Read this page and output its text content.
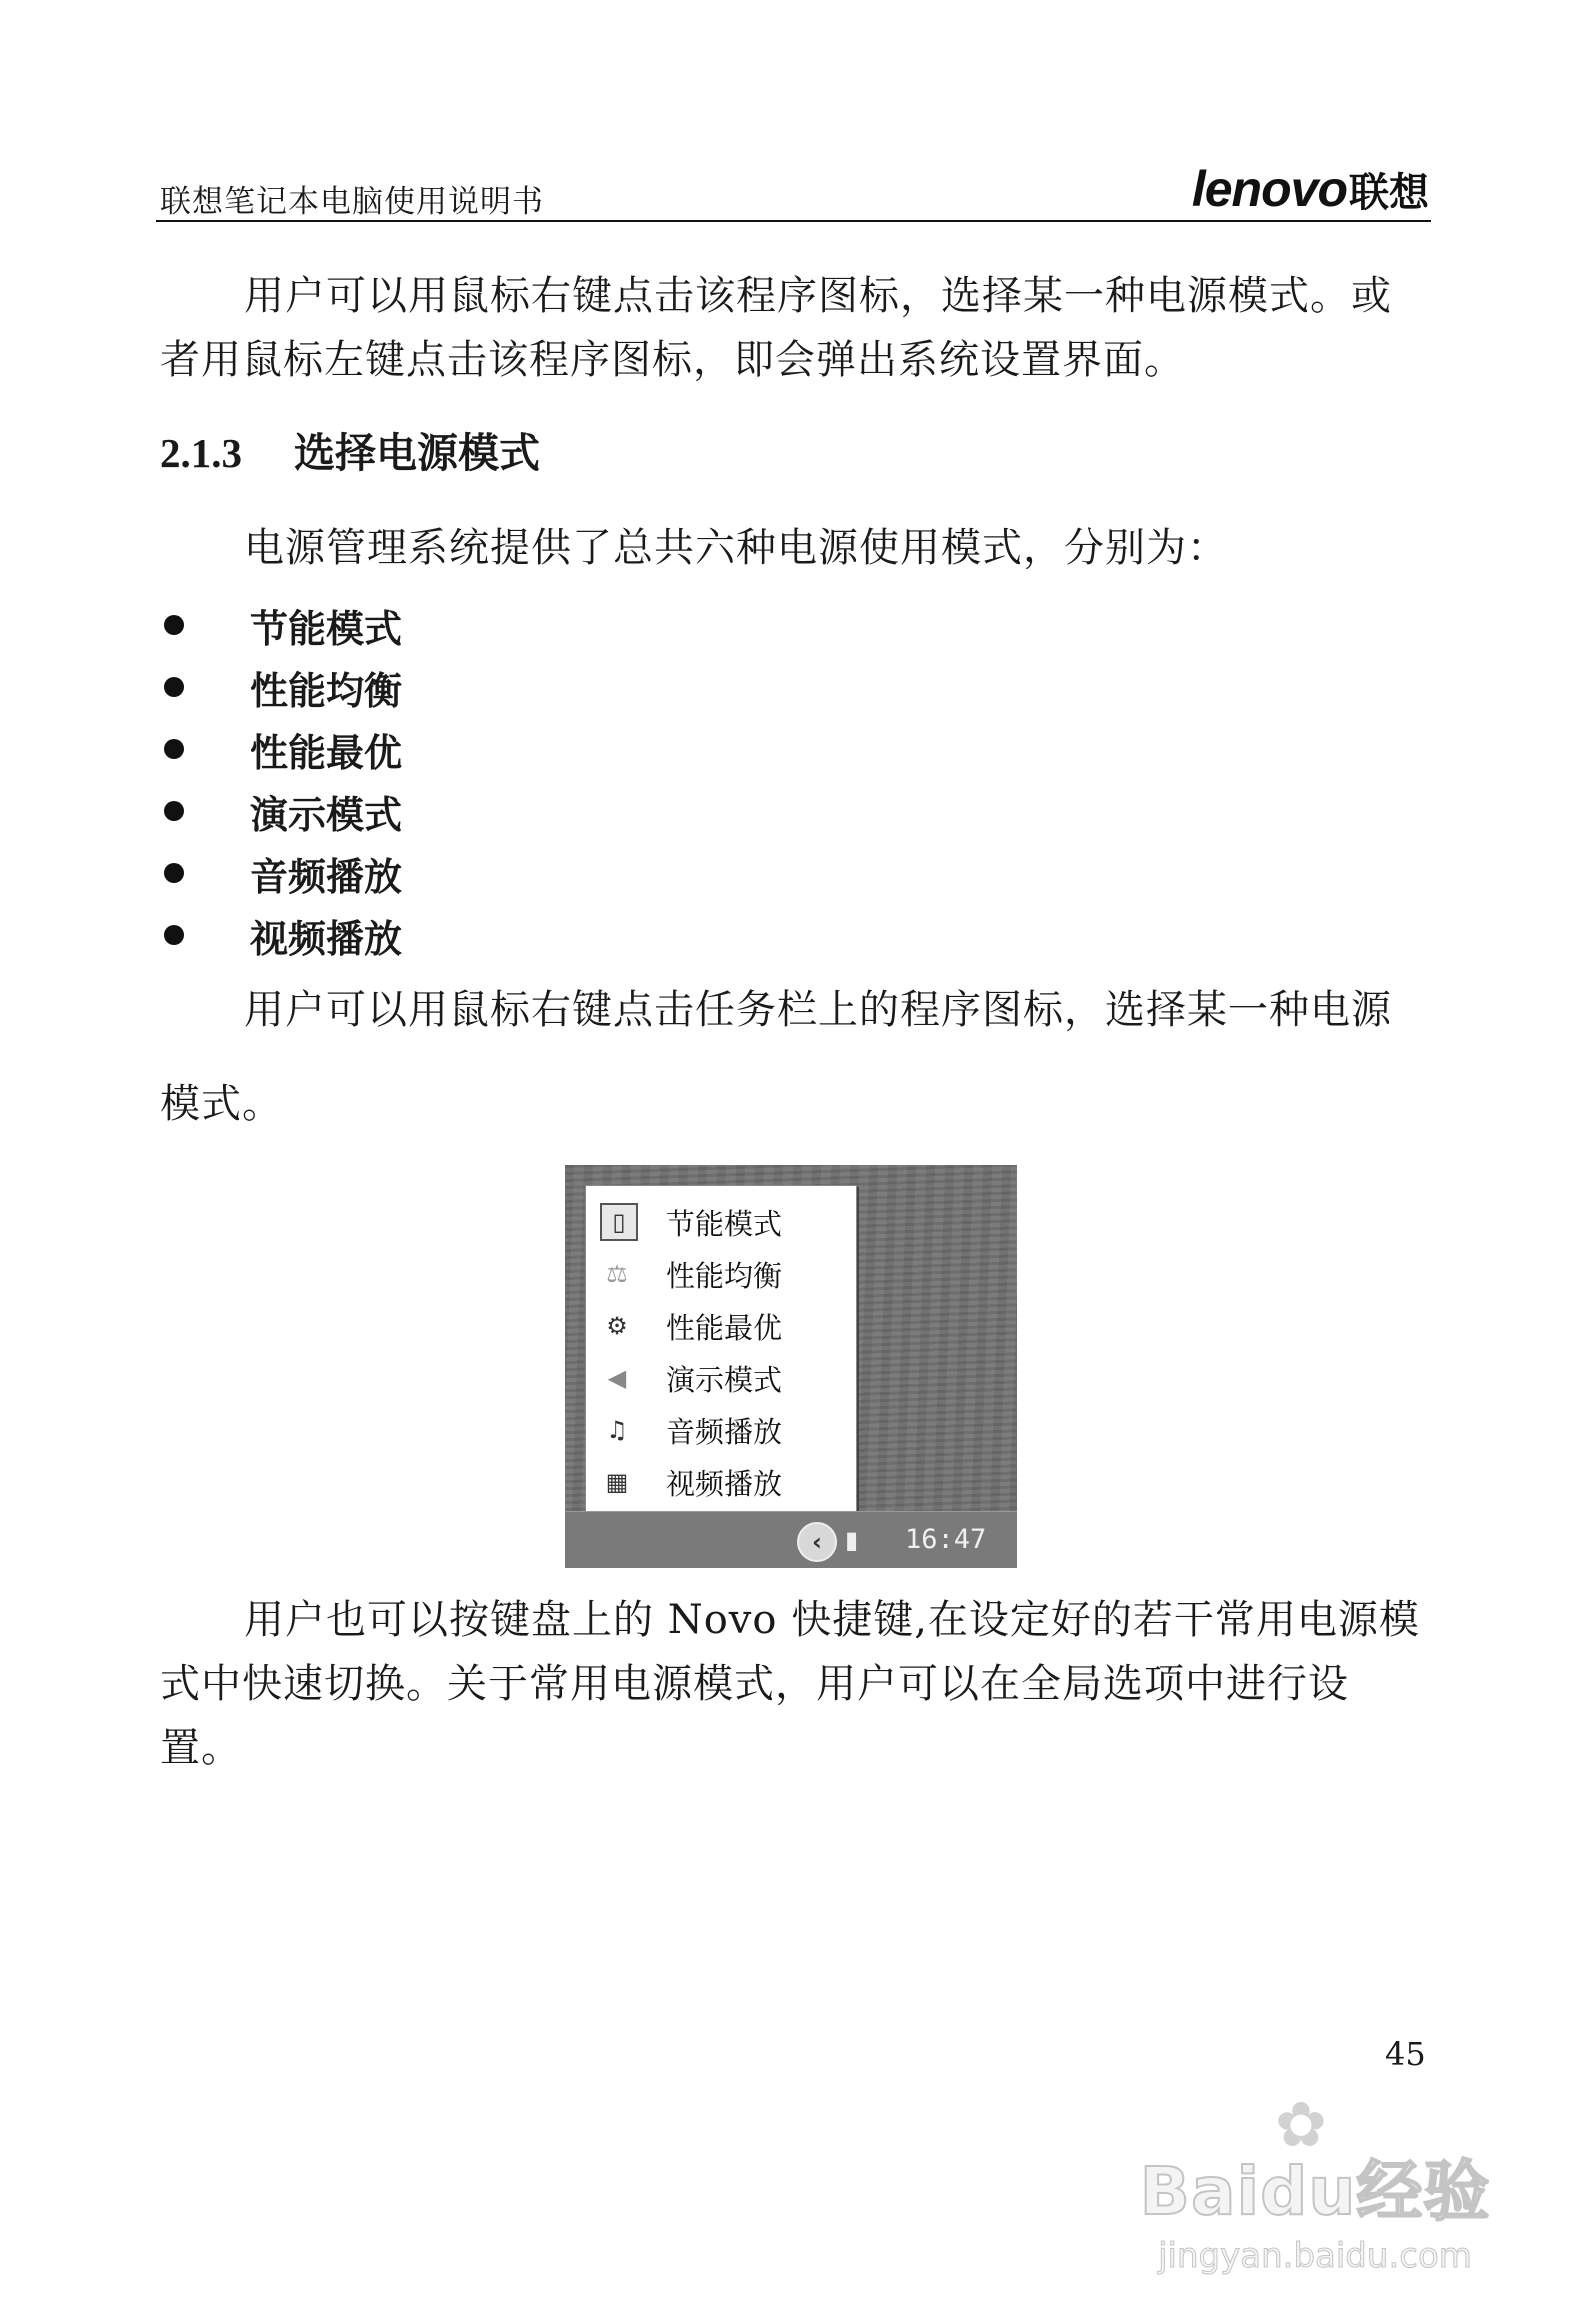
联想笔记本电脑使用说明书	lenovo联想
用户可以用鼠标右键点击该程序图标，选择某一种电源模式。或者用鼠标左键点击该程序图标，即会弹出系统设置界面。
2.1.3 选择电源模式
电源管理系统提供了总共六种电源使用模式，分别为：
节能模式
性能均衡
性能最优
演示模式
音频播放
视频播放
用户可以用鼠标右键点击任务栏上的程序图标，选择某一种电源
模式。
▯	节能模式
⚖ 性能均衡
⚙ 性能最优
◀ 演示模式
♫ 音频播放
▦ 视频播放
‹ ▮ 16:47
用户也可以按键盘上的 Novo 快捷键,在设定好的若干常用电源模式中快速切换。关于常用电源模式，用户可以在全局选项中进行设置。
45
✿
Baidu经验
jingyan.baidu.com
